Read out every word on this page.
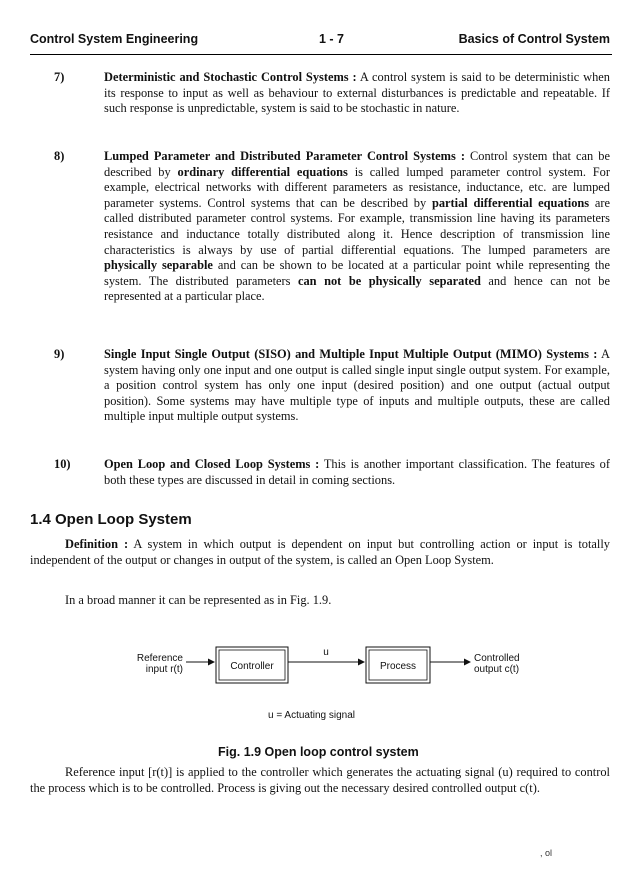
Control System Engineering	1 - 7	Basics of Control System
7)	Deterministic and Stochastic Control Systems : A control system is said to be deterministic when its response to input as well as behaviour to external disturbances is predictable and repeatable. If such response is unpredictable, system is said to be stochastic in nature.
8)	Lumped Parameter and Distributed Parameter Control Systems : Control system that can be described by ordinary differential equations is called lumped parameter control system. For example, electrical networks with different parameters as resistance, inductance, etc. are lumped parameter systems. Control systems that can be described by partial differential equations are called distributed parameter control systems. For example, transmission line having its parameters resistance and inductance totally distributed along it. Hence description of transmission line characteristics is always by use of partial differential equations. The lumped parameters are physically separable and can be shown to be located at a particular point while representing the system. The distributed parameters can not be physically separated and hence can not be represented at a particular place.
9)	Single Input Single Output (SISO) and Multiple Input Multiple Output (MIMO) Systems : A system having only one input and one output is called single input single output system. For example, a position control system has only one input (desired position) and one output (actual output position). Some systems may have multiple type of inputs and multiple outputs, these are called multiple input multiple output systems.
10)	Open Loop and Closed Loop Systems : This is another important classification. The features of both these types are discussed in detail in coming sections.
1.4 Open Loop System
Definition : A system in which output is dependent on input but controlling action or input is totally independent of the output or changes in output of the system, is called an Open Loop System.
In a broad manner it can be represented as in Fig. 1.9.
Reference
input r(t)	Controller
u
Process
Controlled
output c(t)
u = Actuating signal
Fig. 1.9 Open loop control system
Reference input [r(t)] is applied to the controller which generates the actuating signal (u) required to control the process which is to be controlled. Process is giving out the necessary desired controlled output c(t).
, ol
